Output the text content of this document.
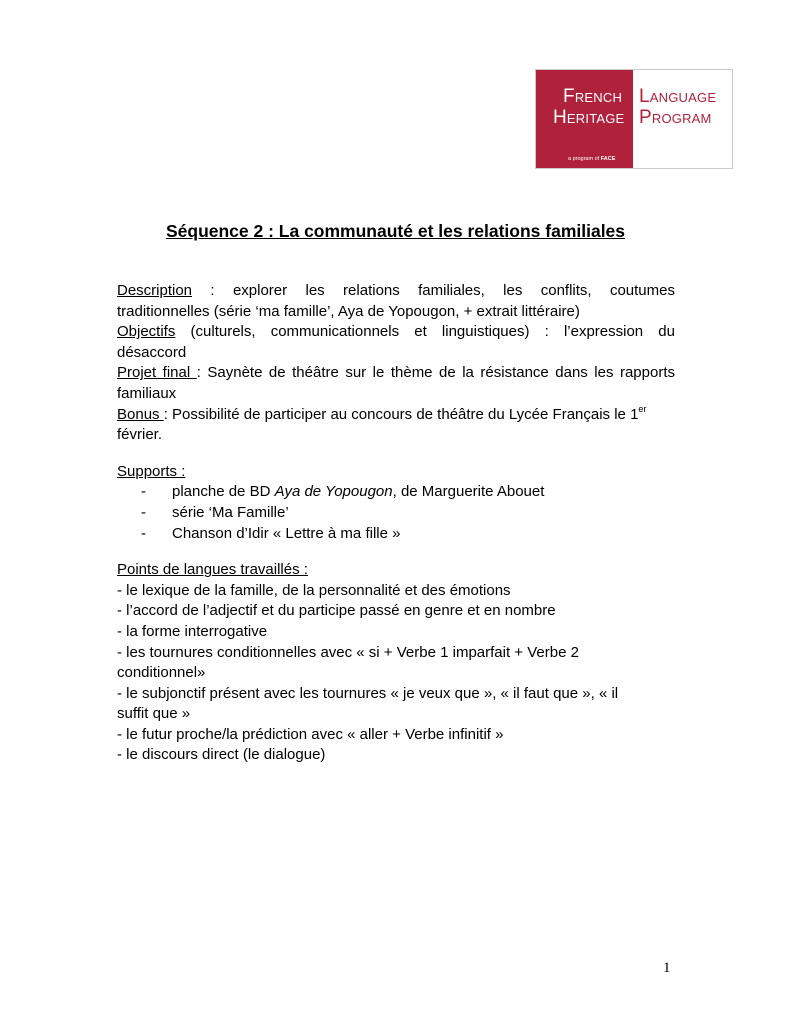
FRENCH
HERITAGE
a program of FACE
LANGUAGE
PROGRAM
Séquence 2 : La communauté et les relations familiales
Description : explorer les relations familiales, les conflits, coutumes
traditionnelles (série ‘ma famille’, Aya de Yopougon, + extrait littéraire)
Objectifs (culturels, communicationnels et linguistiques) : l’expression du
désaccord
Projet final : Saynète de théâtre sur le thème de la résistance dans les rapports
familiaux
Bonus : Possibilité de participer au concours de théâtre du Lycée Français le 1er
février.
Supports :
-	planche de BD Aya de Yopougon, de Marguerite Abouet
-	série ‘Ma Famille’
-	Chanson d’Idir « Lettre à ma fille »
Points de langues travaillés :
- le lexique de la famille, de la personnalité et des émotions
- l’accord de l’adjectif et du participe passé en genre et en nombre
- la forme interrogative
- les tournures conditionnelles avec « si + Verbe 1 imparfait + Verbe 2
conditionnel»
- le subjonctif présent avec les tournures « je veux que », « il faut que », « il
suffit que »
- le futur proche/la prédiction avec « aller + Verbe infinitif »
- le discours direct (le dialogue)
1
